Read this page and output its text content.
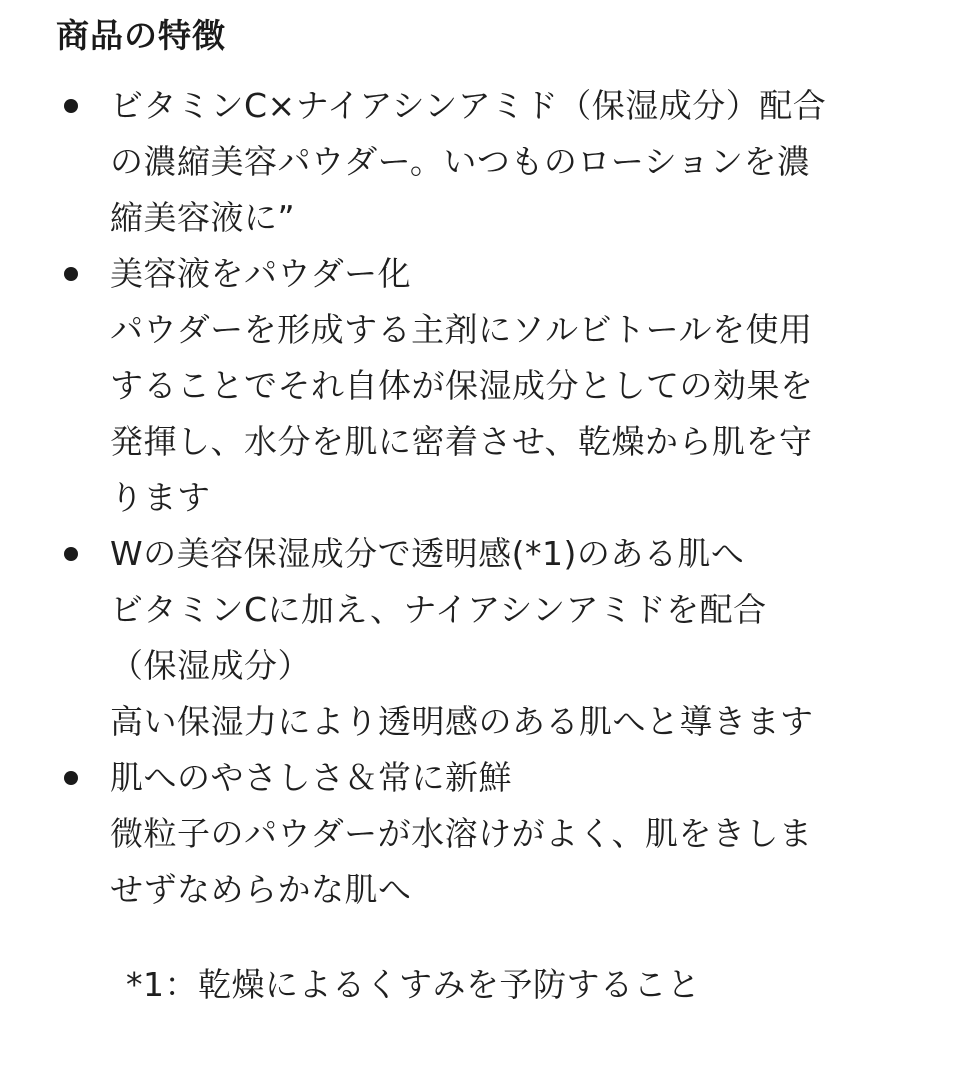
商品の特徴
ビタミンC×ナイアシンアミド（保湿成分）配合
の濃縮美容パウダー。いつものローションを濃
縮美容液に”
美容液をパウダー化
パウダーを形成する主剤にソルビトールを使用
することでそれ自体が保湿成分としての効果を
発揮し、水分を肌に密着させ、乾燥から肌を守
ります
Wの美容保湿成分で透明感(*1)のある肌へ
ビタミンCに加え、ナイアシンアミドを配合
（保湿成分）
高い保湿力により透明感のある肌へと導きます
肌へのやさしさ＆常に新鮮
微粒子のパウダーが水溶けがよく、肌をきしま
せずなめらかな肌へ

*1：乾燥によるくすみを予防すること
